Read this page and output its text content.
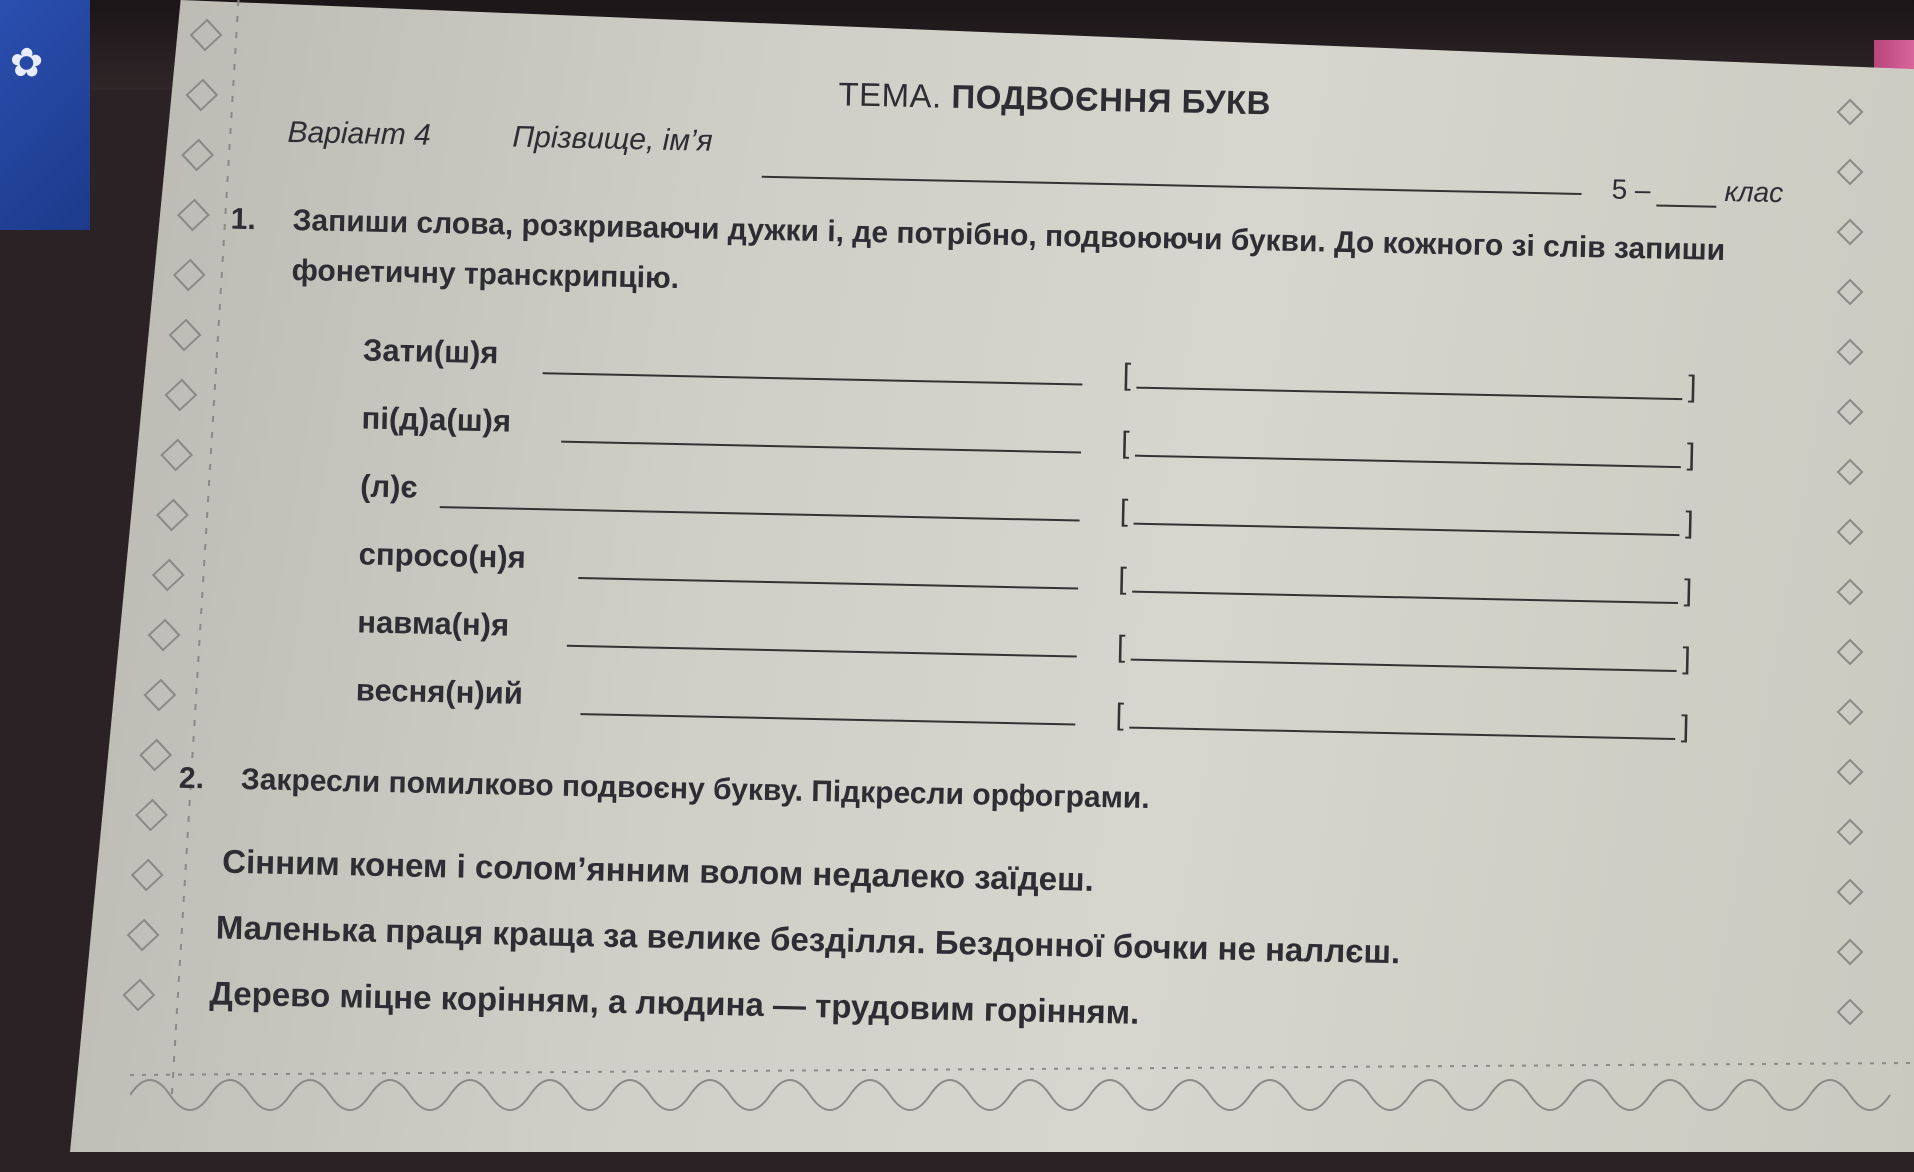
✿
ТЕМА. ПОДВОЄННЯ БУКВ
Варіант 4	Прізвище, ім’я
5 –	клас
1. Запиши слова, розкриваючи дужки і, де потрібно, подвоюючи букви. До кожного зі слів запиши фонетичну транскрипцію.
Зати(ш)я
[	]
пі(д)а(ш)я
[	]
(л)є
[	]
спросо(н)я
[	]
навма(н)я
[	]
весня(н)ий
[	]
2. Закресли помилково подвоєну букву. Підкресли орфограми.
Сінним конем і солом’янним волом недалеко заїдеш.
Маленька праця краща за велике безділля. Бездонної бочки не наллєш.
Дерево міцне корінням, а людина — трудовим горінням.
